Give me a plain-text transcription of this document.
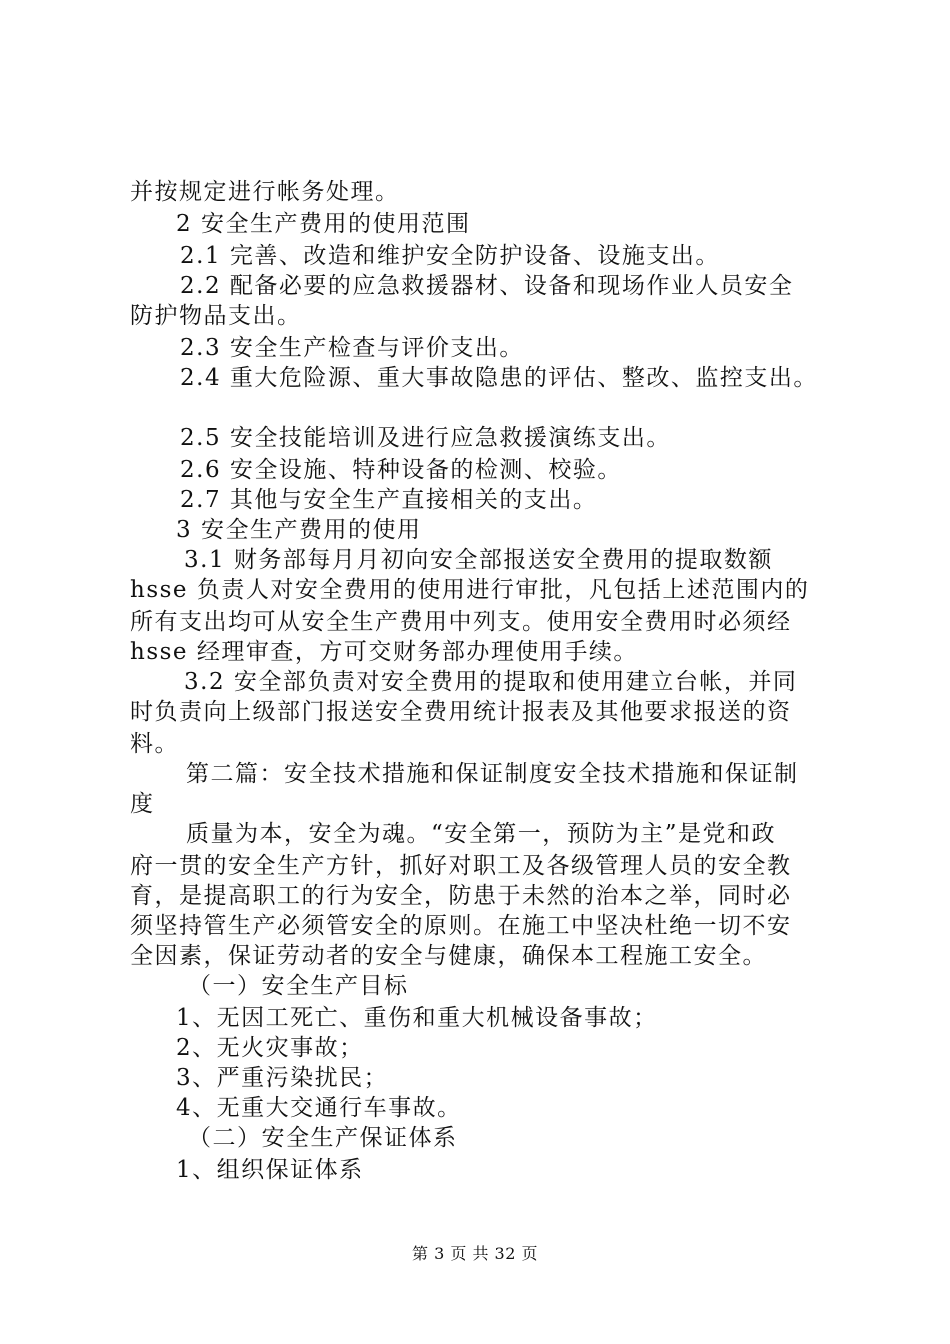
并按规定进行帐务处理。
2 安全生产费用的使用范围
2.1 完善、改造和维护安全防护设备、设施支出。
2.2 配备必要的应急救援器材、设备和现场作业人员安全
防护物品支出。
2.3 安全生产检查与评价支出。
2.4 重大危险源、重大事故隐患的评估、整改、监控支出。
2.5 安全技能培训及进行应急救援演练支出。
2.6 安全设施、特种设备的检测、校验。
2.7 其他与安全生产直接相关的支出。
3 安全生产费用的使用
3.1 财务部每月月初向安全部报送安全费用的提取数额
hsse 负责人对安全费用的使用进行审批，凡包括上述范围内的
所有支出均可从安全生产费用中列支。使用安全费用时必须经
hsse 经理审查，方可交财务部办理使用手续。
3.2 安全部负责对安全费用的提取和使用建立台帐，并同
时负责向上级部门报送安全费用统计报表及其他要求报送的资
料。
第二篇：安全技术措施和保证制度安全技术措施和保证制
度
质量为本，安全为魂。“安全第一，预防为主”是党和政
府一贯的安全生产方针，抓好对职工及各级管理人员的安全教
育，是提高职工的行为安全，防患于未然的治本之举，同时必
须坚持管生产必须管安全的原则。在施工中坚决杜绝一切不安
全因素，保证劳动者的安全与健康，确保本工程施工安全。
（一）安全生产目标
1、无因工死亡、重伤和重大机械设备事故；
2、无火灾事故；
3、严重污染扰民；
4、无重大交通行车事故。
（二）安全生产保证体系
1、组织保证体系
第 3 页 共 32 页
